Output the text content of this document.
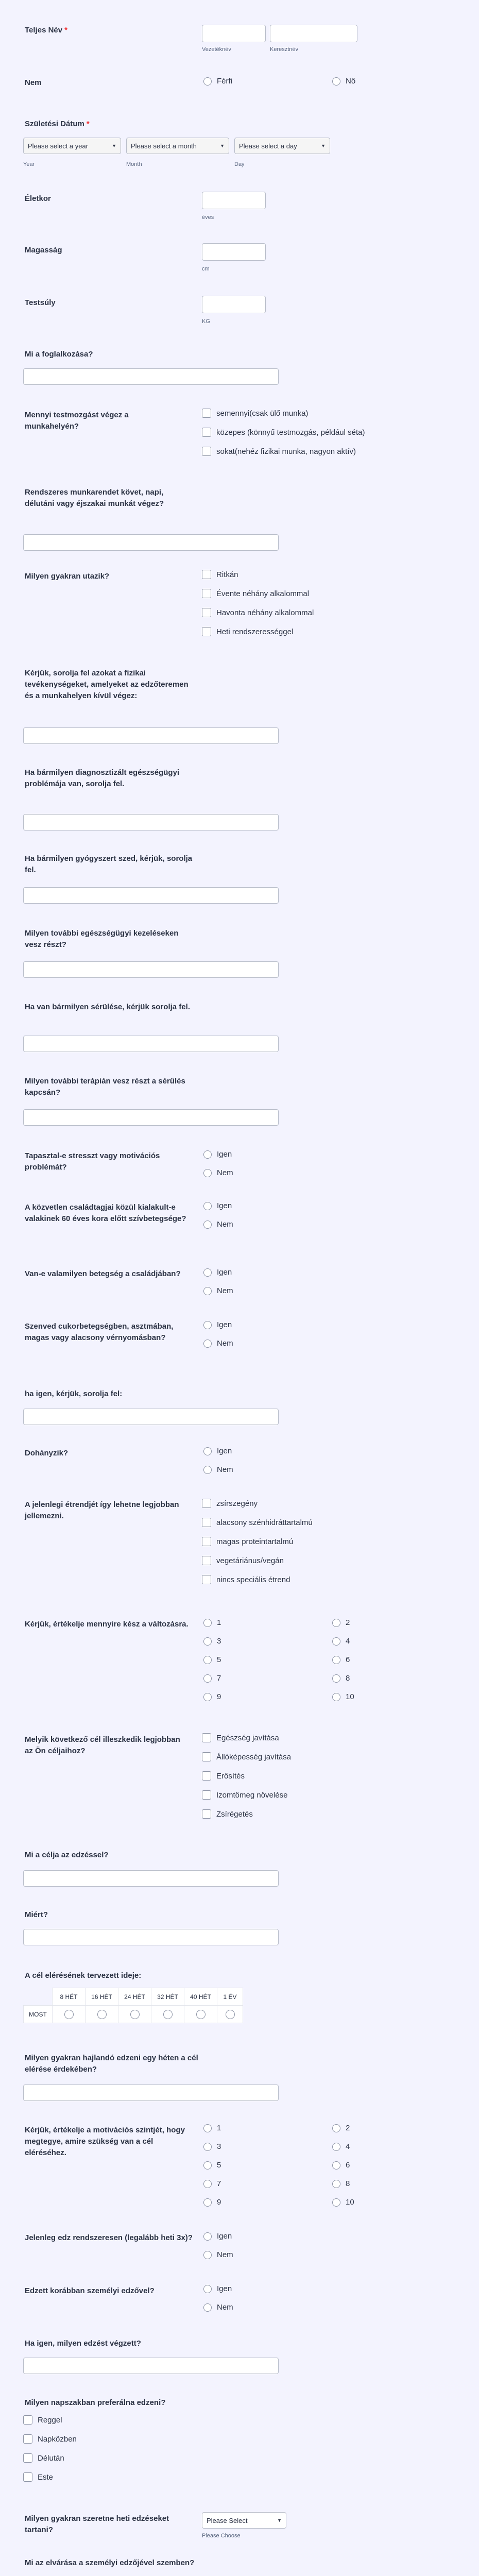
Teljes Név *
Vezetéknév	Keresztnév
Nem	Férfi	Nő
Születési Dátum *
Please select a year	▼ Please select a month	▼ Please select a day	▼
Year	Month	Day
Életkor
éves
Magasság
cm
Testsúly
KG
Mi a foglalkozása?
Mennyi testmozgást végez a munkahelyén?
semennyi(csak ülő munka)
közepes (könnyű testmozgás, például séta)
sokat(nehéz fizikai munka, nagyon aktív)
Rendszeres munkarendet követ, napi, délutáni vagy éjszakai munkát végez?
Milyen gyakran utazik?	Ritkán
Évente néhány alkalommal
Havonta néhány alkalommal
Heti rendszerességgel
Kérjük, sorolja fel azokat a fizikai tevékenységeket, amelyeket az edzőteremen és a munkahelyen kívül végez:
Ha bármilyen diagnosztizált egészségügyi problémája van, sorolja fel.
Ha bármilyen gyógyszert szed, kérjük, sorolja fel.
Milyen további egészségügyi kezeléseken vesz részt?
Ha van bármilyen sérülése, kérjük sorolja fel.
Milyen további terápián vesz részt a sérülés kapcsán?
Tapasztal-e stresszt vagy motivációs problémát?
Igen
Nem
A közvetlen családtagjai közül kialakult-e valakinek 60 éves kora előtt szívbetegsége?
Igen
Nem
Van-e valamilyen betegség a családjában?	Igen
Nem
Szenved cukorbetegségben, asztmában, magas vagy alacsony vérnyomásban?
Igen
Nem
ha igen, kérjük, sorolja fel:
Dohányzik?	Igen
Nem
A jelenlegi étrendjét így lehetne legjobban jellemezni.
zsírszegény
alacsony szénhidráttartalmú
magas proteintartalmú
vegetáriánus/vegán
nincs speciális étrend
Kérjük, értékelje mennyire kész a változásra.	1	2
3	4
5	6
7	8
9	10
Melyik következő cél illeszkedik legjobban az Ön céljaihoz?
Egészség javítása
Állóképesség javítása
Erősítés
Izomtömeg növelése
Zsírégetés
Mi a célja az edzéssel?
Miért?
A cél elérésének tervezett ideje:
	8 HÉT	16 HÉT	24 HÉT	32 HÉT	40 HÉT	1 ÉV
MOST						
Milyen gyakran hajlandó edzeni egy héten a cél elérése érdekében?
Kérjük, értékelje a motivációs szintjét, hogy megtegye, amire szükség van a cél eléréséhez.
1	2
3	4
5	6
7	8
9	10
Jelenleg edz rendszeresen (legalább heti 3x)?	Igen
Nem
Edzett korábban személyi edzővel?	Igen
Nem
Ha igen, milyen edzést végzett?
Milyen napszakban preferálna edzeni?
Reggel
Napközben
Délután
Este
Milyen gyakran szeretne heti edzéseket tartani?
Please Select	▼
Please Choose
Mi az elvárása a személyi edzőjével szemben?
